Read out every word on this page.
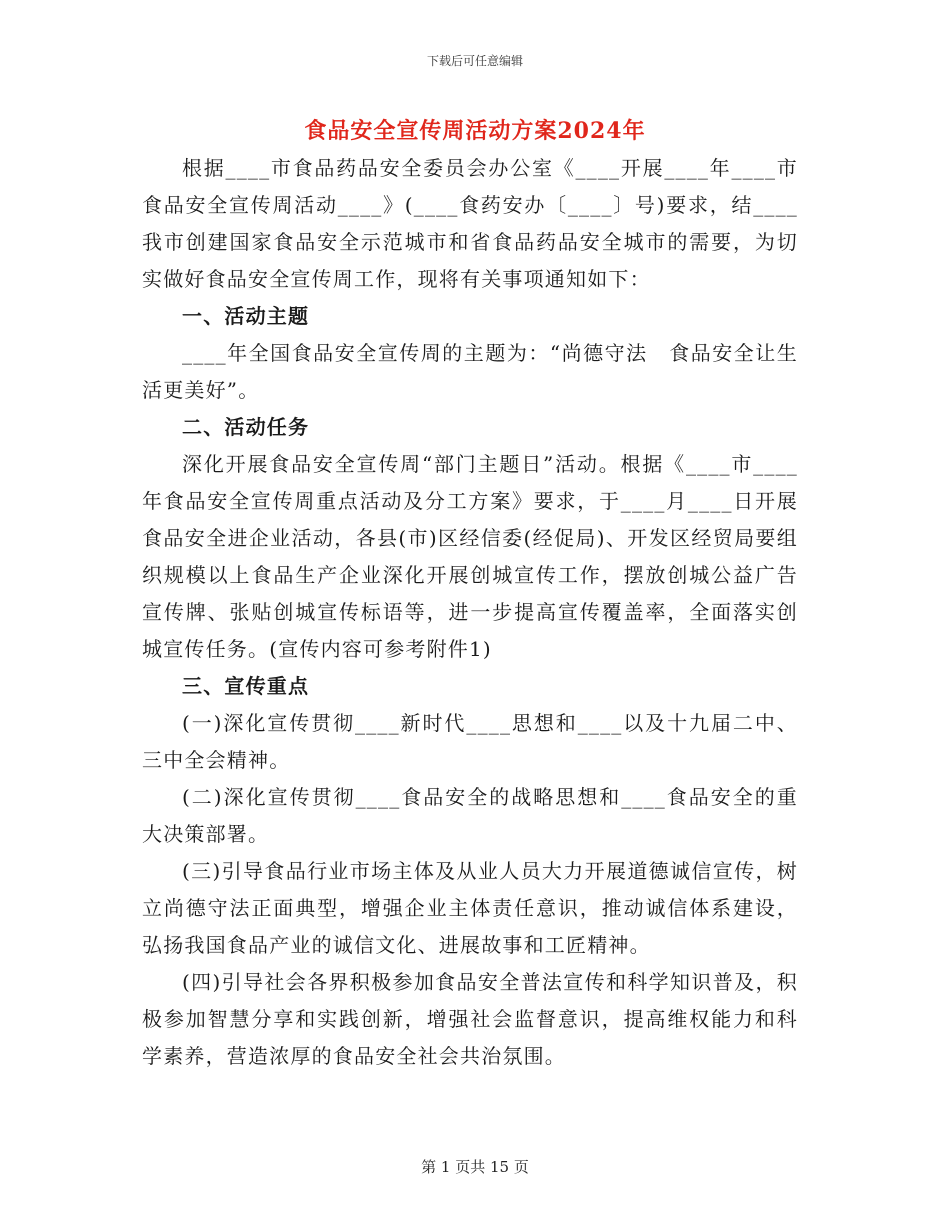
下载后可任意编辑
食品安全宣传周活动方案2024年

根据____市食品药品安全委员会办公室《____开展____年____市食品安全宣传周活动____》(____食药安办〔____〕号)要求，结____我市创建国家食品安全示范城市和省食品药品安全城市的需要，为切实做好食品安全宣传周工作，现将有关事项通知如下：

一、活动主题

____年全国食品安全宣传周的主题为：“尚德守法　食品安全让生活更美好”。

二、活动任务

深化开展食品安全宣传周“部门主题日”活动。根据《____市____年食品安全宣传周重点活动及分工方案》要求，于____月____日开展食品安全进企业活动，各县(市)区经信委(经促局)、开发区经贸局要组织规模以上食品生产企业深化开展创城宣传工作，摆放创城公益广告宣传牌、张贴创城宣传标语等，进一步提高宣传覆盖率，全面落实创城宣传任务。(宣传内容可参考附件1)

三、宣传重点

(一)深化宣传贯彻____新时代____思想和____以及十九届二中、三中全会精神。

(二)深化宣传贯彻____食品安全的战略思想和____食品安全的重大决策部署。

(三)引导食品行业市场主体及从业人员大力开展道德诚信宣传，树立尚德守法正面典型，增强企业主体责任意识，推动诚信体系建设，弘扬我国食品产业的诚信文化、进展故事和工匠精神。

(四)引导社会各界积极参加食品安全普法宣传和科学知识普及，积极参加智慧分享和实践创新，增强社会监督意识，提高维权能力和科学素养，营造浓厚的食品安全社会共治氛围。

第 1 页共 15 页
